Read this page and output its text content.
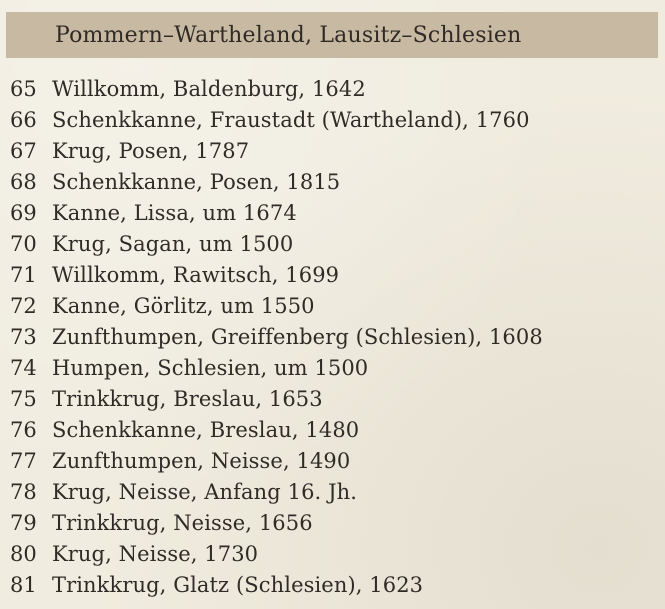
Pommern–Wartheland, Lausitz–Schlesien
65 Willkomm, Baldenburg, 1642
66 Schenkkanne, Fraustadt (Wartheland), 1760
67 Krug, Posen, 1787
68 Schenkkanne, Posen, 1815
69 Kanne, Lissa, um 1674
70 Krug, Sagan, um 1500
71 Willkomm, Rawitsch, 1699
72 Kanne, Görlitz, um 1550
73 Zunfthumpen, Greiffenberg (Schlesien), 1608
74 Humpen, Schlesien, um 1500
75 Trinkkrug, Breslau, 1653
76 Schenkkanne, Breslau, 1480
77 Zunfthumpen, Neisse, 1490
78 Krug, Neisse, Anfang 16. Jh.
79 Trinkkrug, Neisse, 1656
80 Krug, Neisse, 1730
81 Trinkkrug, Glatz (Schlesien), 1623
